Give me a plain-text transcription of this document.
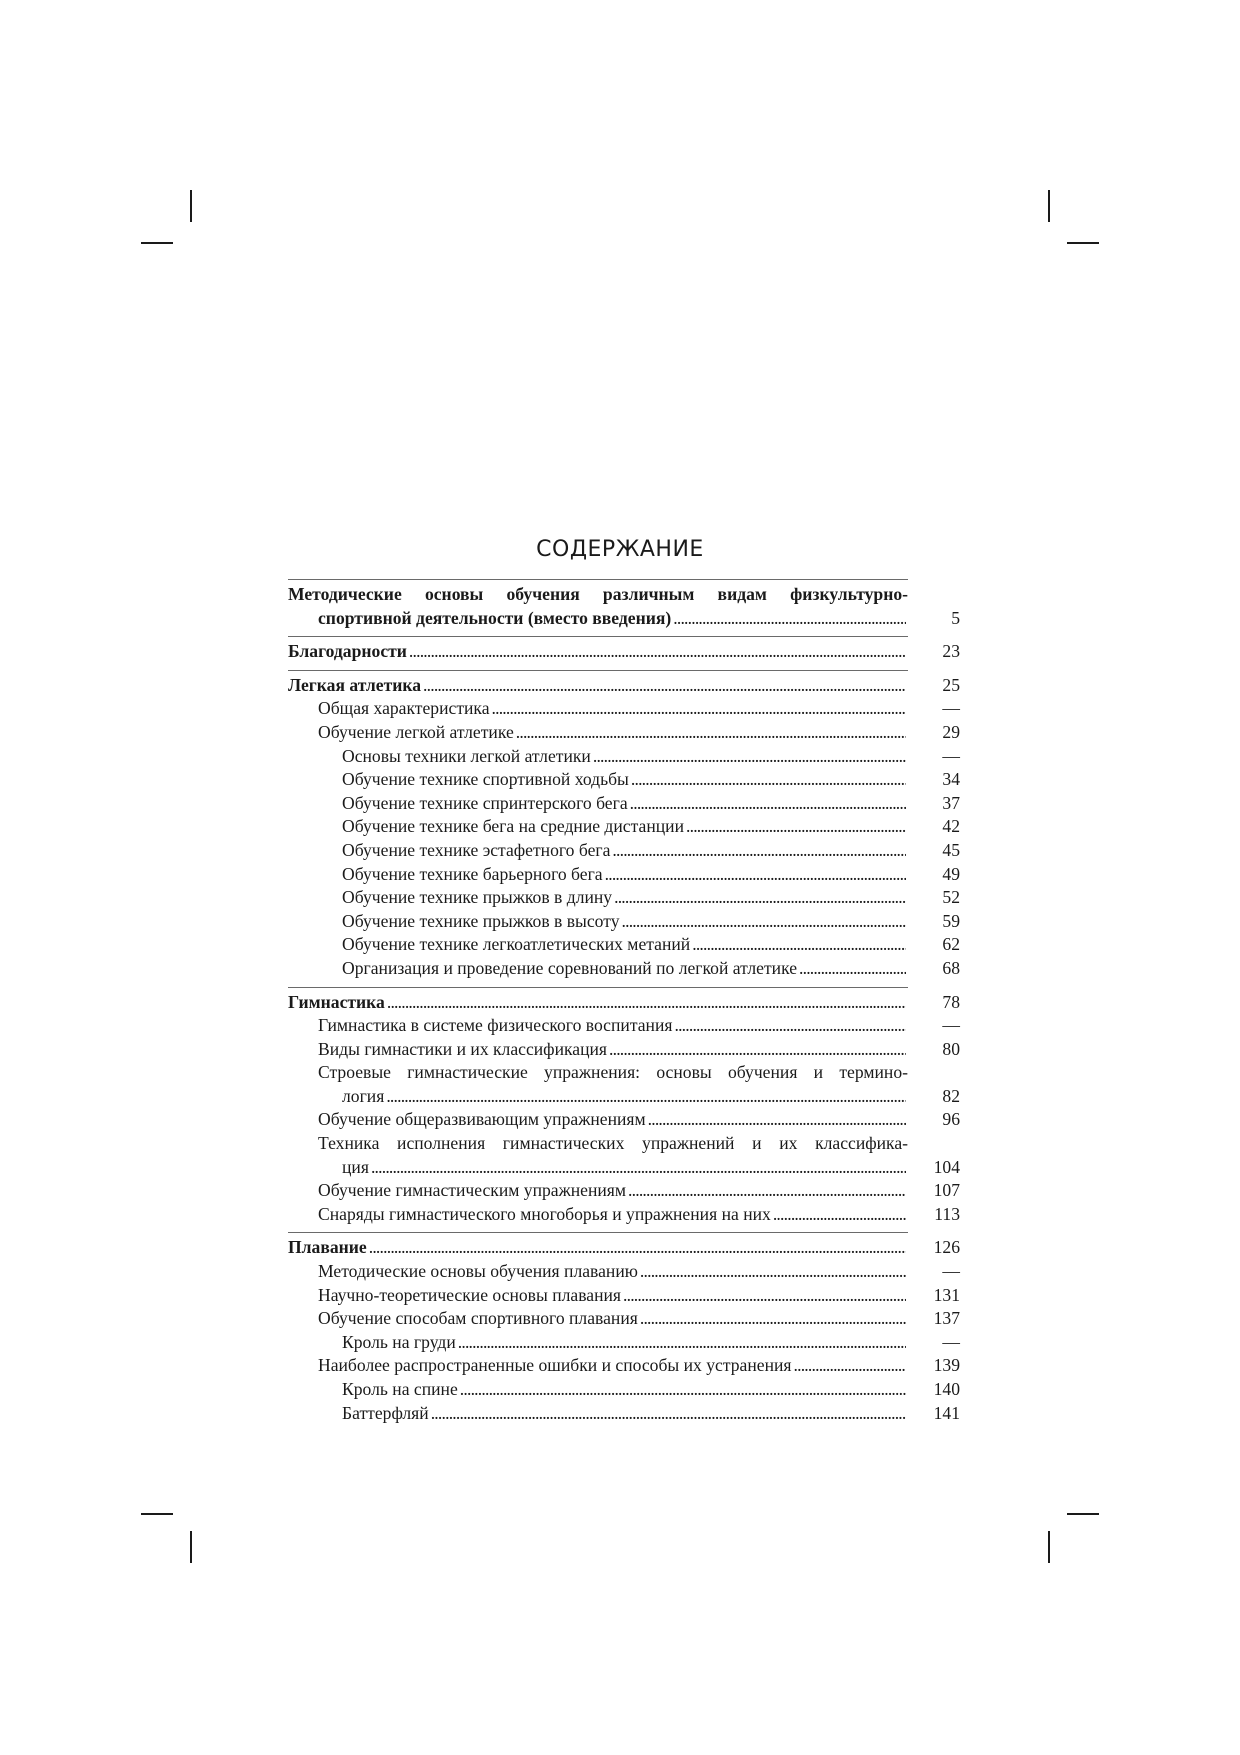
СОДЕРЖАНИЕ
Методические основы обучения различным видам физкультурно-
спортивной деятельности (вместо введения) . . .	5
Благодарности . . .	23
Легкая атлетика . . .	25
Общая характеристика . . .	—
Обучение легкой атлетике . . .	29
Основы техники легкой атлетики . . .	—
Обучение технике спортивной ходьбы . . .	34
Обучение технике спринтерского бега . . .	37
Обучение технике бега на средние дистанции . . .	42
Обучение технике эстафетного бега . . .	45
Обучение технике барьерного бега . . .	49
Обучение технике прыжков в длину . . .	52
Обучение технике прыжков в высоту . . .	59
Обучение технике легкоатлетических метаний . . .	62
Организация и проведение соревнований по легкой атлетике . . .	68
Гимнастика . . .	78
Гимнастика в системе физического воспитания . . .	—
Виды гимнастики и их классификация . . .	80
Строевые гимнастические упражнения: основы обучения и термино-
логия . . .	82
Обучение общеразвивающим упражнениям . . .	96
Техника исполнения гимнастических упражнений и их классифика-
ция . . .	104
Обучение гимнастическим упражнениям . . .	107
Снаряды гимнастического многоборья и упражнения на них . . .	113
Плавание . . .	126
Методические основы обучения плаванию . . .	—
Научно-теоретические основы плавания . . .	131
Обучение способам спортивного плавания . . .	137
Кроль на груди . . .	—
Наиболее распространенные ошибки и способы их устранения . . .	139
Кроль на спине . . .	140
Баттерфляй . . .	141
